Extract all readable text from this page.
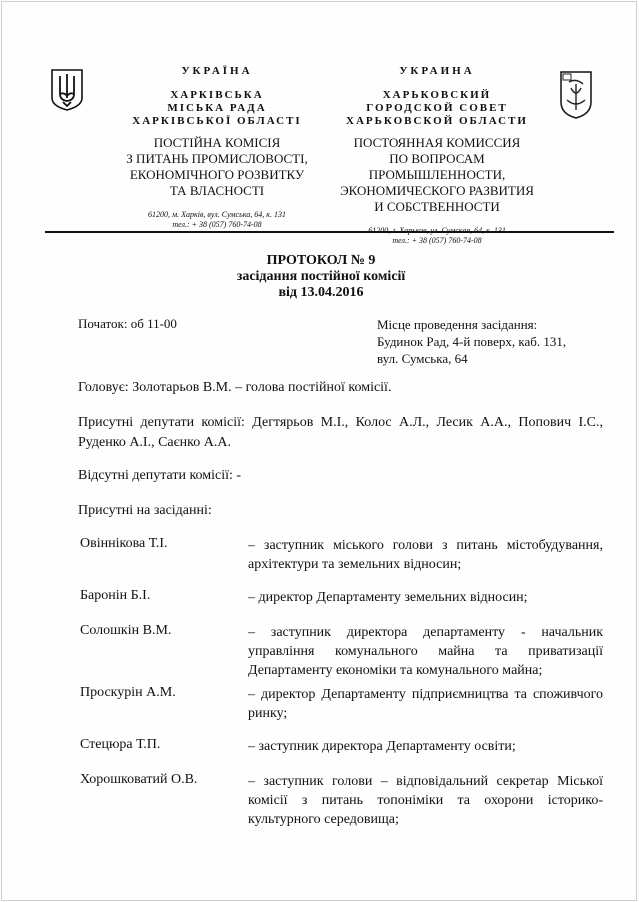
УКРАЇНА
ХАРКІВСЬКА
МІСЬКА РАДА
ХАРКІВСЬКОЇ ОБЛАСТІ
ПОСТІЙНА КОМІСІЯ
З ПИТАНЬ ПРОМИСЛОВОСТІ,
ЕКОНОМІЧНОГО РОЗВИТКУ
ТА ВЛАСНОСТІ
61200, м. Харків, вул. Сумська, 64, к. 131
тел.: + 38 (057) 760-74-08
УКРАИНА
ХАРЬКОВСКИЙ
ГОРОДСКОЙ СОВЕТ
ХАРЬКОВСКОЙ ОБЛАСТИ
ПОСТОЯННАЯ КОМИССИЯ
ПО ВОПРОСАМ ПРОМЫШЛЕННОСТИ,
ЭКОНОМИЧЕСКОГО РАЗВИТИЯ
И СОБСТВЕННОСТИ
тел.: + 38 (057) 760-74-08
ПРОТОКОЛ № 9
засідання постійної комісії
від 13.04.2016
Початок: об 11-00	Місце проведення засідання:
Будинок Рад, 4-й поверх, каб. 131,
вул. Сумська, 64
Головує: Золотарьов В.М. – голова постійної комісії.
Присутні депутати комісії: Дегтярьов М.І., Колос А.Л., Лесик А.А., Попович І.С., Руденко А.І., Саєнко А.А.
Відсутні депутати комісії: -
Присутні на засіданні:
Овіннікова Т.І.	– заступник міського голови з питань містобудування, архітектури та земельних відносин;
Баронін Б.І.	– директор Департаменту земельних відносин;
Солошкін В.М.	– заступник директора департаменту - начальник управління комунального майна та приватизації Департаменту економіки та комунального майна;
Проскурін А.М.	– директор Департаменту підприємництва та споживчого ринку;
Стецюра Т.П.	– заступник директора Департаменту освіти;
Хорошковатий О.В.	– заступник голови – відповідальний секретар Міської комісії з питань топоніміки та охорони історико-культурного середовища;
